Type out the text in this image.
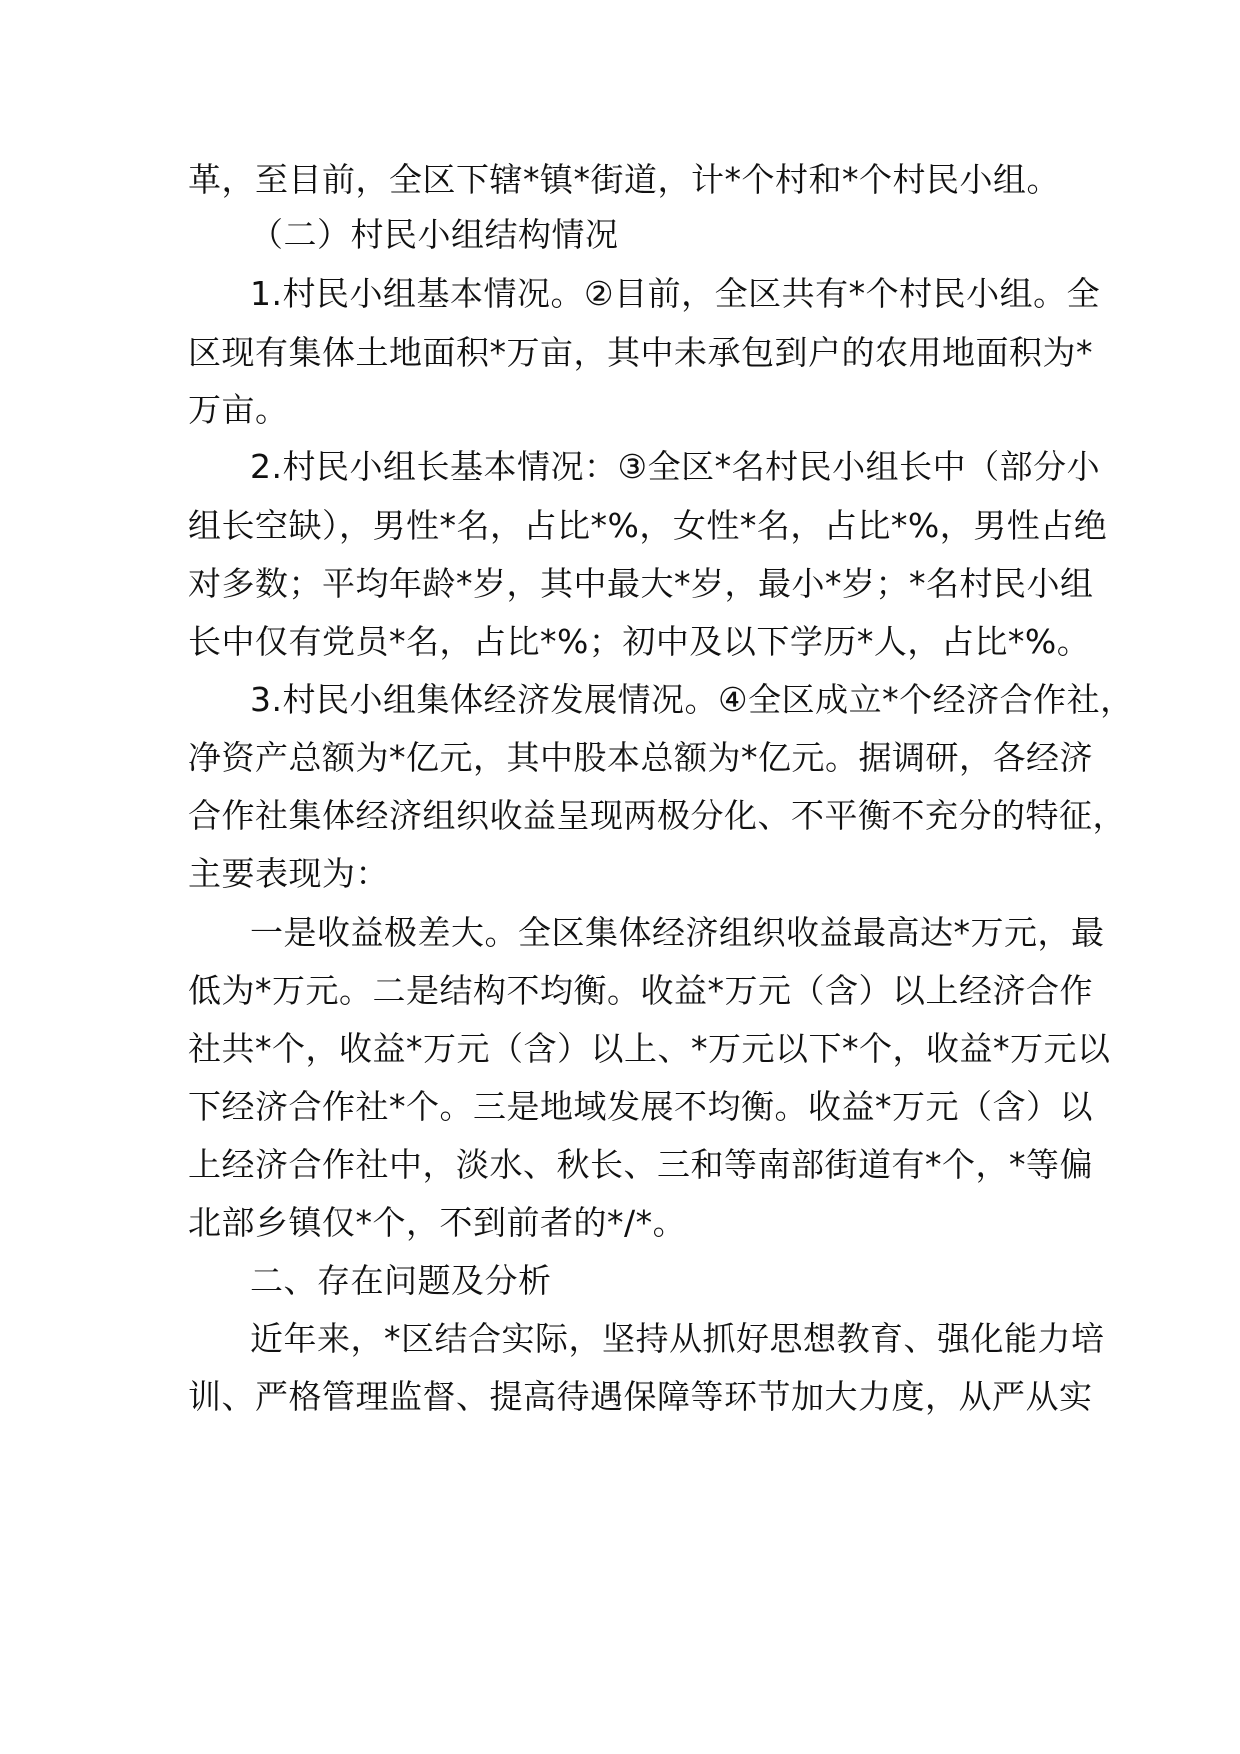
革，至目前，全区下辖*镇*街道，计*个村和*个村民小组。
（二）村民小组结构情况
1.村民小组基本情况。②目前，全区共有*个村民小组。全
区现有集体土地面积*万亩，其中未承包到户的农用地面积为*
万亩。
2.村民小组长基本情况：③全区*名村民小组长中（部分小
组长空缺），男性*名，占比*%，女性*名，占比*%，男性占绝
对多数；平均年龄*岁，其中最大*岁，最小*岁；*名村民小组
长中仅有党员*名，占比*%；初中及以下学历*人，占比*%。
3.村民小组集体经济发展情况。④全区成立*个经济合作社，
净资产总额为*亿元，其中股本总额为*亿元。据调研，各经济
合作社集体经济组织收益呈现两极分化、不平衡不充分的特征，
主要表现为：
一是收益极差大。全区集体经济组织收益最高达*万元，最
低为*万元。二是结构不均衡。收益*万元（含）以上经济合作
社共*个，收益*万元（含）以上、*万元以下*个，收益*万元以
下经济合作社*个。三是地域发展不均衡。收益*万元（含）以
上经济合作社中，淡水、秋长、三和等南部街道有*个，*等偏
北部乡镇仅*个，不到前者的*/*。
二、存在问题及分析
近年来，*区结合实际，坚持从抓好思想教育、强化能力培
训、严格管理监督、提高待遇保障等环节加大力度，从严从实
